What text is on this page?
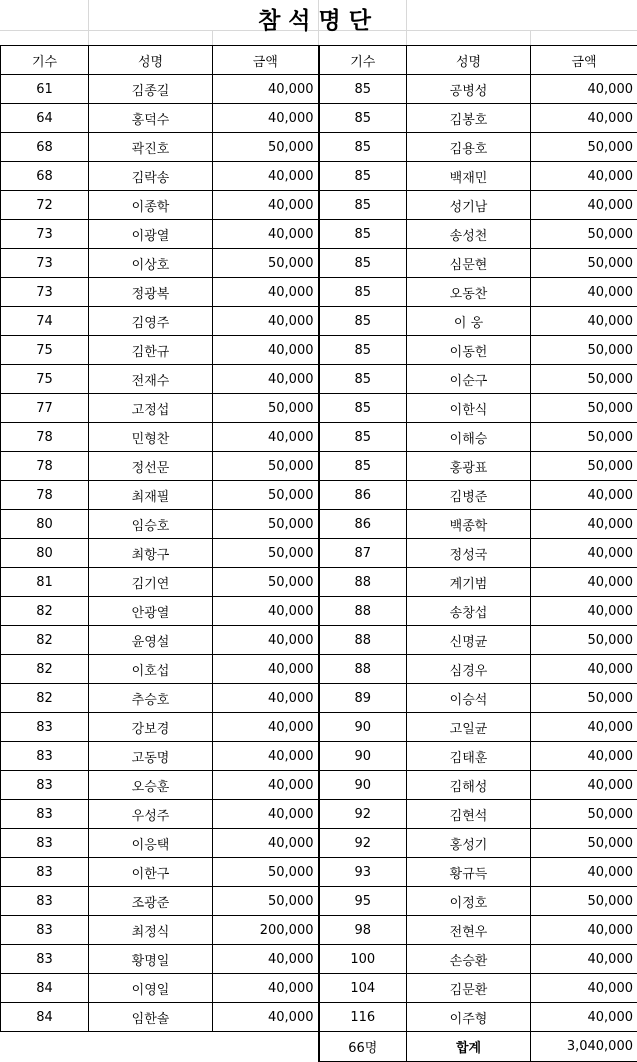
참석명단
기수	성명	금액	기수	성명	금액
61	김종길	40,000	85	공병성	40,000
64	홍덕수	40,000	85	김봉호	40,000
68	곽진호	50,000	85	김용호	50,000
68	김락송	40,000	85	백재민	40,000
72	이종학	40,000	85	성기남	40,000
73	이광열	40,000	85	송성천	50,000
73	이상호	50,000	85	심문현	50,000
73	정광복	40,000	85	오동찬	40,000
74	김영주	40,000	85	이 웅	40,000
75	김한규	40,000	85	이동헌	50,000
75	전재수	40,000	85	이순구	50,000
77	고정섭	50,000	85	이한식	50,000
78	민형찬	40,000	85	이해승	50,000
78	정선문	50,000	85	홍광표	50,000
78	최재필	50,000	86	김병준	40,000
80	임승호	50,000	86	백종학	40,000
80	최항구	50,000	87	정성국	40,000
81	김기연	50,000	88	계기범	40,000
82	안광열	40,000	88	송창섭	40,000
82	윤영설	40,000	88	신명균	50,000
82	이호섭	40,000	88	심경우	40,000
82	추승호	40,000	89	이승석	50,000
83	강보경	40,000	90	고일균	40,000
83	고동명	40,000	90	김태훈	40,000
83	오승훈	40,000	90	김해성	40,000
83	우성주	40,000	92	김현석	50,000
83	이응택	40,000	92	홍성기	50,000
83	이한구	50,000	93	황규득	40,000
83	조광준	50,000	95	이정호	50,000
83	최정식	200,000	98	전현우	40,000
83	황명일	40,000	100	손승환	40,000
84	이영일	40,000	104	김문환	40,000
84	임한솔	40,000	116	이주형	40,000
			66명	합계	3,040,000
